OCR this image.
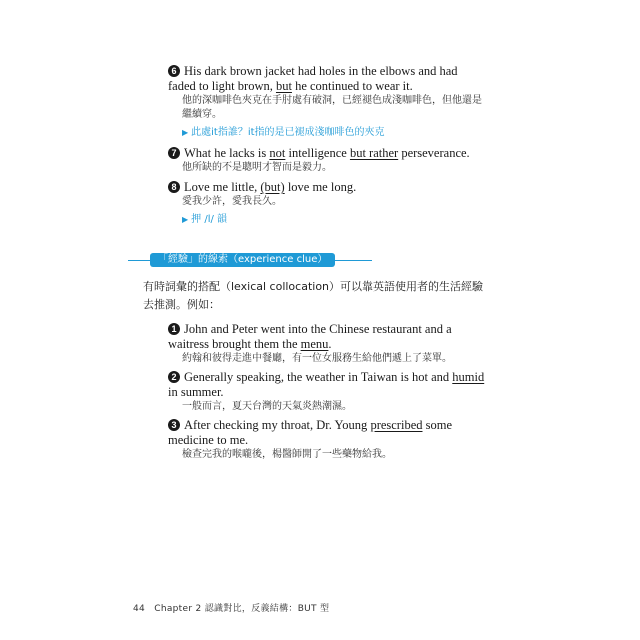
6 His dark brown jacket had holes in the elbows and had faded to light brown, but he continued to wear it.
他的深咖啡色夾克在手肘處有破洞，已經褪色成淺咖啡色，但他還是繼續穿。
▶ 此處it指誰？it指的是已褪成淺咖啡色的夾克
7 What he lacks is not intelligence but rather perseverance.
他所缺的不是聰明才智而是毅力。
8 Love me little, (but) love me long.
愛我少許，愛我長久。
▶ 押 /l/ 韻
「經驗」的線索（experience clue）
有時詞彙的搭配（lexical collocation）可以靠英語使用者的生活經驗去推測。例如：
1 John and Peter went into the Chinese restaurant and a waitress brought them the menu.
約翰和彼得走進中餐廳，有一位女服務生給他們遞上了菜單。
2 Generally speaking, the weather in Taiwan is hot and humid in summer.
一般而言，夏天台灣的天氣炎熱潮濕。
3 After checking my throat, Dr. Young prescribed some medicine to me.
檢查完我的喉嚨後，楊醫師開了一些藥物給我。
44 Chapter 2 認識對比，反義結構：BUT 型
